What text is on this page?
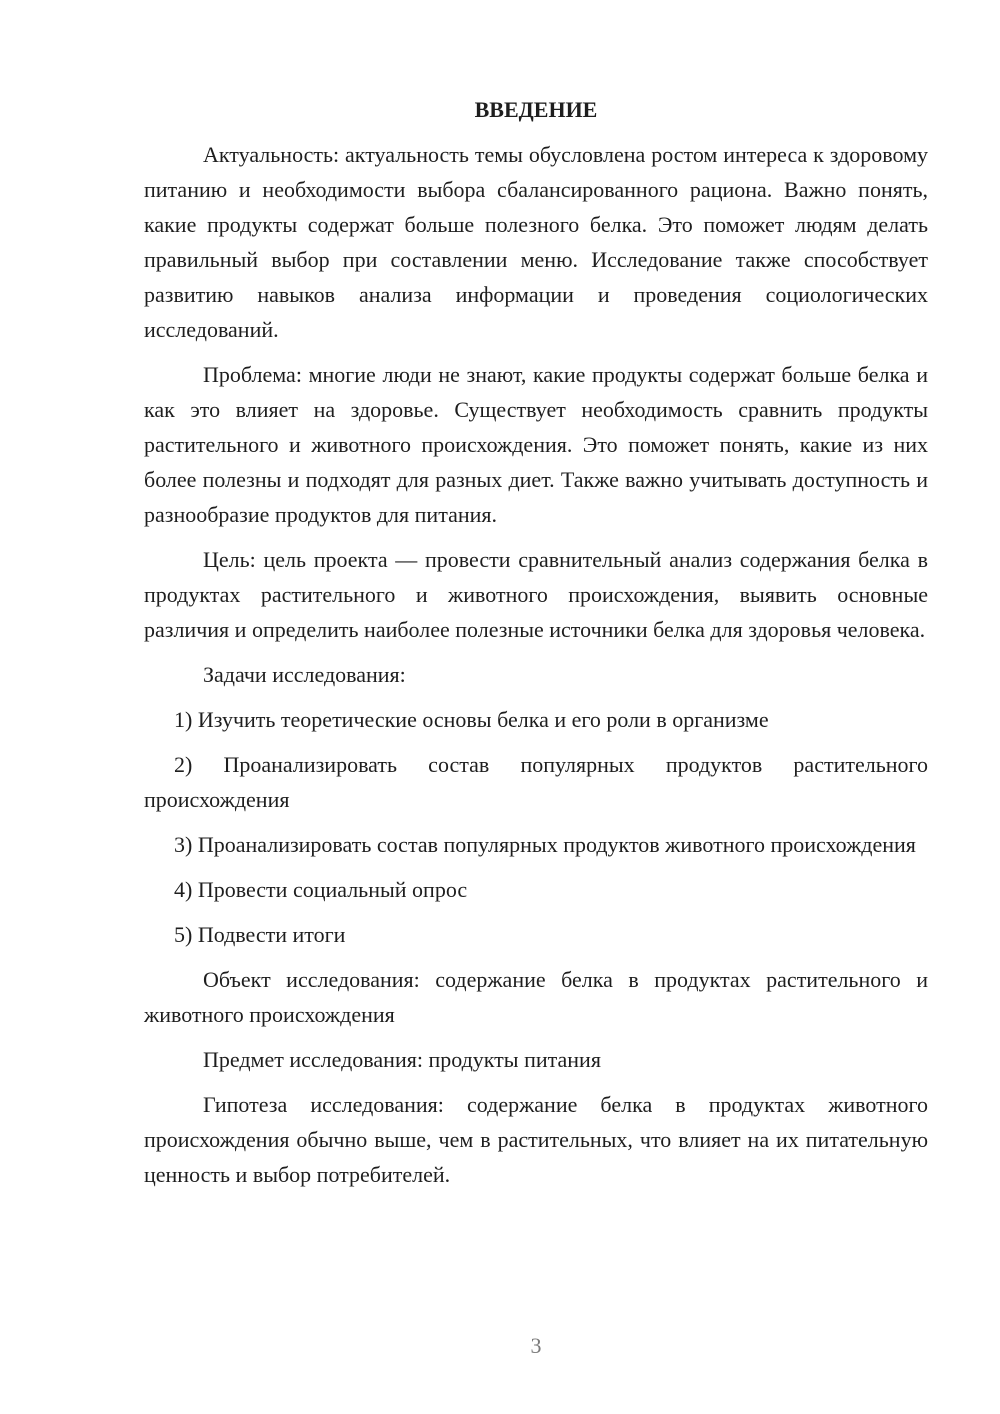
ВВЕДЕНИЕ

Актуальность: актуальность темы обусловлена ростом интереса к здоровому питанию и необходимости выбора сбалансированного рациона. Важно понять, какие продукты содержат больше полезного белка. Это поможет людям делать правильный выбор при составлении меню. Исследование также способствует развитию навыков анализа информации и проведения социологических исследований.

Проблема: многие люди не знают, какие продукты содержат больше белка и как это влияет на здоровье. Существует необходимость сравнить продукты растительного и животного происхождения. Это поможет понять, какие из них более полезны и подходят для разных диет. Также важно учитывать доступность и разнообразие продуктов для питания.

Цель: цель проекта — провести сравнительный анализ содержания белка в продуктах растительного и животного происхождения, выявить основные различия и определить наиболее полезные источники белка для здоровья человека.

Задачи исследования:

1) Изучить теоретические основы белка и его роли в организме

2) Проанализировать состав популярных продуктов растительного происхождения

3) Проанализировать состав популярных продуктов животного происхождения

4) Провести социальный опрос

5) Подвести итоги

Объект исследования: содержание белка в продуктах растительного и животного происхождения

Предмет исследования: продукты питания

Гипотеза исследования: содержание белка в продуктах животного происхождения обычно выше, чем в растительных, что влияет на их питательную ценность и выбор потребителей.

3
